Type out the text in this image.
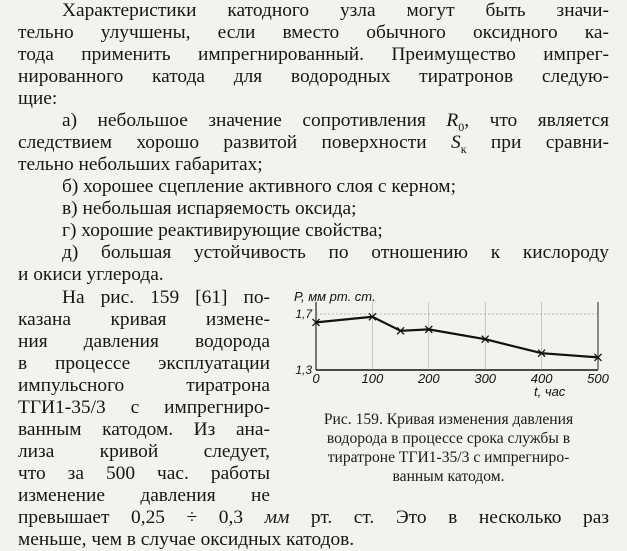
Характеристики катодного узла могут быть значи-
тельно улучшены, если вместо обычного оксидного ка-
тода применить импрегнированный. Преимущество импрег-
нированного катода для водородных тиратронов следую-
щие:
а) небольшое значение сопротивления $R_0$, что является
следствием хорошо развитой поверхности $S_к$ при сравни-
тельно небольших габаритах;
б) хорошее сцепление активного слоя с керном;
в) небольшая испаряемость оксида;
г) хорошие реактивирующие свойства;
д) большая устойчивость по отношению к кислороду
и окиси углерода.
На рис. 159 [61] по-
казана кривая измене-
ния давления водорода
в процессе эксплуатации
импульсного тиратрона
ТГИ1-35/3 с импрегниро-
ванным катодом. Из ана-
лиза кривой следует,
что за 500 час. работы
изменение давления не
превышает 0,25 ÷ 0,3 мм рт. ст. Это в несколько раз
меньше, чем в случае оксидных катодов.
P, мм рт. ст.
t, час
0	100	200	300	400	500
1,7
1,3
Рис. 159. Кривая изменения давления
водорода в процессе срока службы в
тиратроне ТГИ1-35/3 с импрегниро-
ванным катодом.
